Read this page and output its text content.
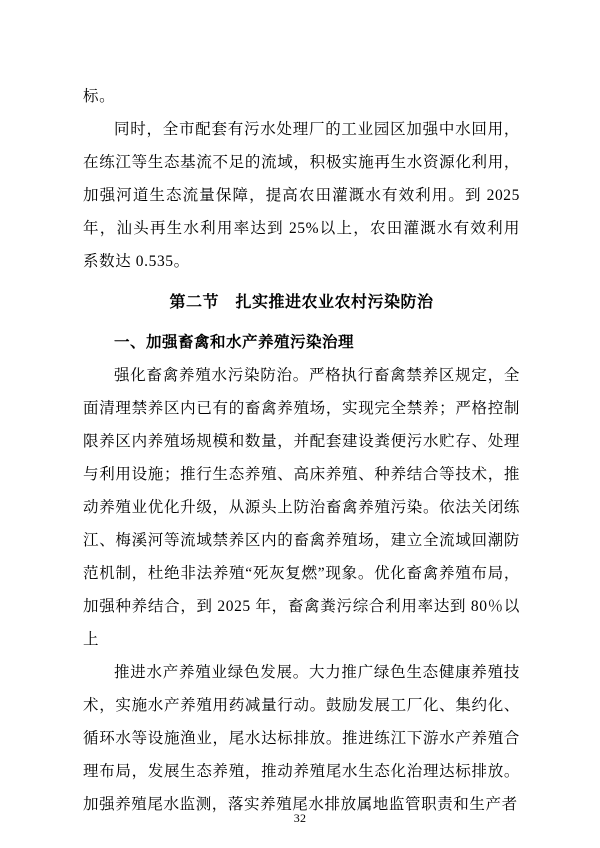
标。

同时，全市配套有污水处理厂的工业园区加强中水回用，在练江等生态基流不足的流域，积极实施再生水资源化利用，加强河道生态流量保障，提高农田灌溉水有效利用。到 2025 年，汕头再生水利用率达到 25%以上，农田灌溉水有效利用系数达 0.535。

第二节　扎实推进农业农村污染防治
一、加强畜禽和水产养殖污染治理

强化畜禽养殖水污染防治。严格执行畜禽禁养区规定，全面清理禁养区内已有的畜禽养殖场，实现完全禁养；严格控制限养区内养殖场规模和数量，并配套建设粪便污水贮存、处理与利用设施；推行生态养殖、高床养殖、种养结合等技术，推动养殖业优化升级，从源头上防治畜禽养殖污染。依法关闭练江、梅溪河等流域禁养区内的畜禽养殖场，建立全流域回潮防范机制，杜绝非法养殖“死灰复燃”现象。优化畜禽养殖布局，加强种养结合，到 2025 年，畜禽粪污综合利用率达到 80％以上

推进水产养殖业绿色发展。大力推广绿色生态健康养殖技术，实施水产养殖用药减量行动。鼓励发展工厂化、集约化、循环水等设施渔业，尾水达标排放。推进练江下游水产养殖合理布局，发展生态养殖，推动养殖尾水生态化治理达标排放。加强养殖尾水监测，落实养殖尾水排放属地监管职责和生产者

32
